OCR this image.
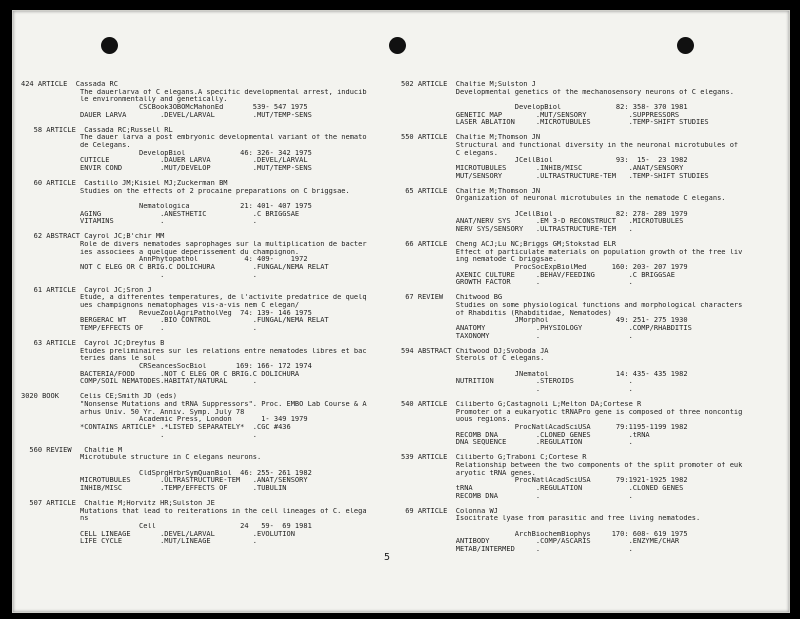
424 ARTICLE  Cassada RC
The dauerlarva of C elegans.A specific developmental arrest, inducib
le environmentally and genetically.
CSCBook3OBOMcMahonEd       539- 547 1975
DAUER LARVA        .DEVEL/LARVAL         .MUT/TEMP-SENS
58 ARTICLE  Cassada RC;Russell RL
The dauer larva a post embryonic developmental variant of the nemato
de Celegans.
DevelopBiol             46: 326- 342 1975
CUTICLE            .DAUER LARVA          .DEVEL/LARVAL
ENVIR COND         .MUT/DEVELOP          .MUT/TEMP-SENS
60 ARTICLE  Castillo JM;Kisiel MJ;Zuckerman BM
Studies on the effects of 2 procaine preparations on C briggsae.
Nematologica            21: 401- 407 1975
AGING              .ANESTHETIC           .C BRIGGSAE
VITAMINS           .                     .
62 ABSTRACT Cayrol JC;B'chir MM
Role de divers nematodes saprophages sur la multiplication de bacter
ies associees a quelque deperissement du champignon.
AnnPhytopathol           4: 409-    1972
NOT C ELEG OR C BRIG.C DOLICHURA         .FUNGAL/NEMA RELAT
.                     .
61 ARTICLE  Cayrol JC;Sron J
Etude, a differentes temperatures, de l'activite predatrice de quelq
ues champignons nematophages vis-a-vis nem C elegan/
RevueZoolAgriPatholVeg  74: 139- 146 1975
BERGERAC WT        .BIO CONTROL          .FUNGAL/NEMA RELAT
TEMP/EFFECTS OF    .                     .
63 ARTICLE  Cayrol JC;Dreyfus B
Etudes preliminaires sur les relations entre nematodes libres et bac
teries dans le sol
CRSeancesSocBiol       169: 166- 172 1974
BACTERIA/FOOD      .NOT C ELEG OR C BRIG.C DOLICHURA
COMP/SOIL NEMATODES.HABITAT/NATURAL      .
3020 BOOK     Celis CE;Smith JD (eds)
"Nonsense Mutations and tRNA Suppressors". Proc. EMBO Lab Course & A
arhus Univ. 50 Yr. Anniv. Symp. July 78
Academic Press, London       1- 349 1979
*CONTAINS ARTICLE* .*LISTED SEPARATELY*  .CGC #436
.                     .
560 REVIEW   Chalfie M
Microtubule structure in C elegans neurons.
CldSprgHrbrSymQuanBiol  46: 255- 261 1982
MICROTUBULES       .ULTRASTRUCTURE-TEM   .ANAT/SENSORY
INHIB/MISC         .TEMP/EFFECTS OF      .TUBULIN
507 ARTICLE  Chalfie M;Horvitz HR;Sulston JE
Mutations that lead to reiterations in the cell lineages of C. elega
ns
Cell                    24   59-  69 1981
CELL LINEAGE       .DEVEL/LARVAL         .EVOLUTION
LIFE CYCLE         .MUT/LINEAGE          .
502 ARTICLE  Chalfie M;Sulston J
Developmental genetics of the mechanosensory neurons of C elegans.
DevelopBiol             82: 358- 370 1981
GENETIC MAP        .MUT/SENSORY          .SUPPRESSORS
LASER ABLATION     .MICROTUBULES         .TEMP-SHIFT STUDIES
550 ARTICLE  Chalfie M;Thomson JN
Structural and functional diversity in the neuronal microtubules of
C elegans.
JCellBiol               93:  15-  23 1982
MICROTUBULES       .INHIB/MISC           .ANAT/SENSORY
MUT/SENSORY        .ULTRASTRUCTURE-TEM   .TEMP-SHIFT STUDIES
65 ARTICLE  Chalfie M;Thomson JN
Organization of neuronal microtubules in the nematode C elegans.
JCellBiol               82: 278- 289 1979
ANAT/NERV SYS      .EM 3-D RECONSTRUCT   .MICROTUBULES
NERV SYS/SENSORY   .ULTRASTRUCTURE-TEM   .
66 ARTICLE  Cheng ACJ;Lu NC;Briggs GM;Stokstad ELR
Effect of particulate materials on population growth of the free liv
ing nematode C briggsae.
ProcSocExpBiolMed      160: 203- 207 1979
AXENIC CULTURE     .BEHAV/FEEDING        .C BRIGGSAE
GROWTH FACTOR      .                     .
67 REVIEW   Chitwood BG
Studies on some physiological functions and morphological characters
of Rhabditis (Rhabditidae, Nematodes)
JMorphol                49: 251- 275 1930
ANATOMY            .PHYSIOLOGY           .COMP/RHABDITIS
TAXONOMY           .                     .
594 ABSTRACT Chitwood DJ;Svoboda JA
Sterols of C elegans.
JNematol                14: 435- 435 1982
NUTRITION          .STEROIDS             .
.                     .
540 ARTICLE  Ciliberto G;Castagnoli L;Melton DA;Cortese R
Promoter of a eukaryotic tRNAPro gene is composed of three noncontig
uous regions.
ProcNatlAcadSciUSA      79:1195-1199 1982
RECOMB DNA         .CLONED GENES         .tRNA
DNA SEQUENCE       .REGULATION           .
539 ARTICLE  Ciliberto G;Traboni C;Cortese R
Relationship between the two components of the split promoter of euk
aryotic tRNA genes.
ProcNatlAcadSciUSA      79:1921-1925 1982
tRNA               .REGULATION           .CLONED GENES
RECOMB DNA         .                     .
69 ARTICLE  Colonna WJ
Isocitrate lyase from parasitic and free living nematodes.
ArchBiochemBiophys     170: 608- 619 1975
ANTIBODY           .COMP/ASCARIS         .ENZYME/CHAR
METAB/INTERMED     .                     .
5
